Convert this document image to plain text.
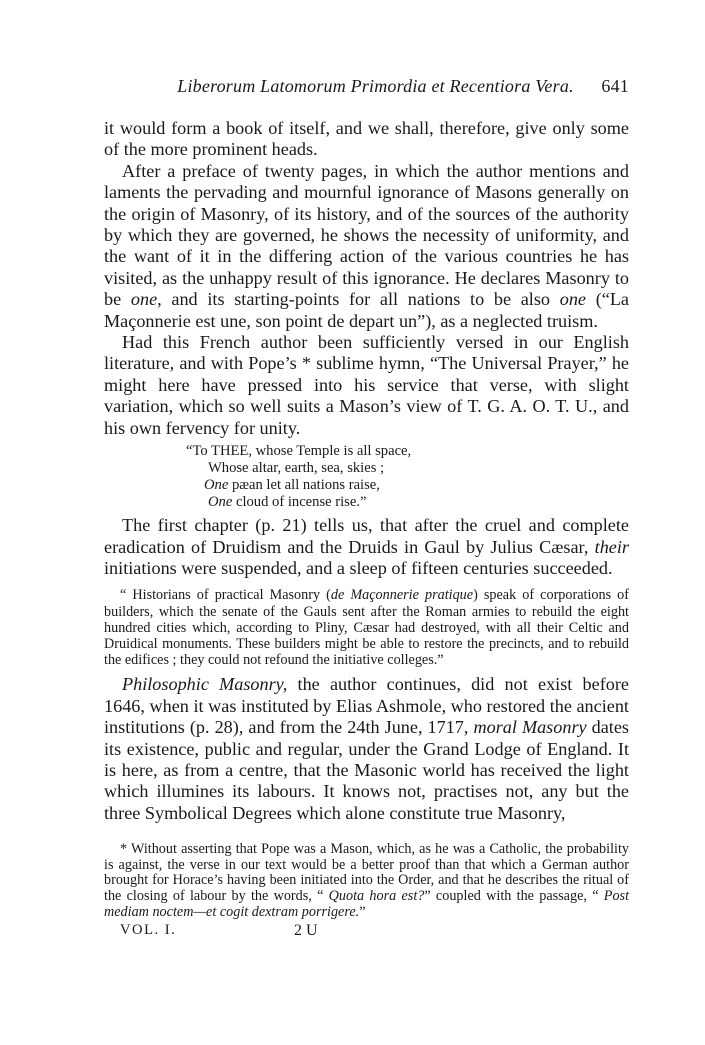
Liberorum Latomorum Primordia et Recentiora Vera. 641

it would form a book of itself, and we shall, therefore, give only some of the more prominent heads.

After a preface of twenty pages, in which the author mentions and laments the pervading and mournful ignorance of Masons generally on the origin of Masonry, of its history, and of the sources of the authority by which they are governed, he shows the necessity of uniformity, and the want of it in the differing action of the various countries he has visited, as the unhappy result of this ignorance. He declares Masonry to be one, and its starting-points for all nations to be also one (“La Maçonnerie est une, son point de depart un”), as a neglected truism.

Had this French author been sufficiently versed in our English literature, and with Pope’s * sublime hymn, “The Universal Prayer,” he might here have pressed into his service that verse, with slight variation, which so well suits a Mason’s view of T. G. A. O. T. U., and his own fervency for unity.

“To THEE, whose Temple is all space,
Whose altar, earth, sea, skies ;
One pæan let all nations raise,
One cloud of incense rise.”

The first chapter (p. 21) tells us, that after the cruel and complete eradication of Druidism and the Druids in Gaul by Julius Cæsar, their initiations were suspended, and a sleep of fifteen centuries succeeded.

“ Historians of practical Masonry (de Maçonnerie pratique) speak of corporations of builders, which the senate of the Gauls sent after the Roman armies to rebuild the eight hundred cities which, according to Pliny, Cæsar had destroyed, with all their Celtic and Druidical monuments. These builders might be able to restore the precincts, and to rebuild the edifices ; they could not refound the initiative colleges.”

Philosophic Masonry, the author continues, did not exist before 1646, when it was instituted by Elias Ashmole, who restored the ancient institutions (p. 28), and from the 24th June, 1717, moral Masonry dates its existence, public and regular, under the Grand Lodge of England. It is here, as from a centre, that the Masonic world has received the light which illumines its labours. It knows not, practises not, any but the three Symbolical Degrees which alone constitute true Masonry,

* Without asserting that Pope was a Mason, which, as he was a Catholic, the probability is against, the verse in our text would be a better proof than that which a German author brought for Horace’s having been initiated into the Order, and that he describes the ritual of the closing of labour by the words, “ Quota hora est?” coupled with the passage, “ Post mediam noctem—et cogit dextram porrigere.”

VOL. I.	2 U
